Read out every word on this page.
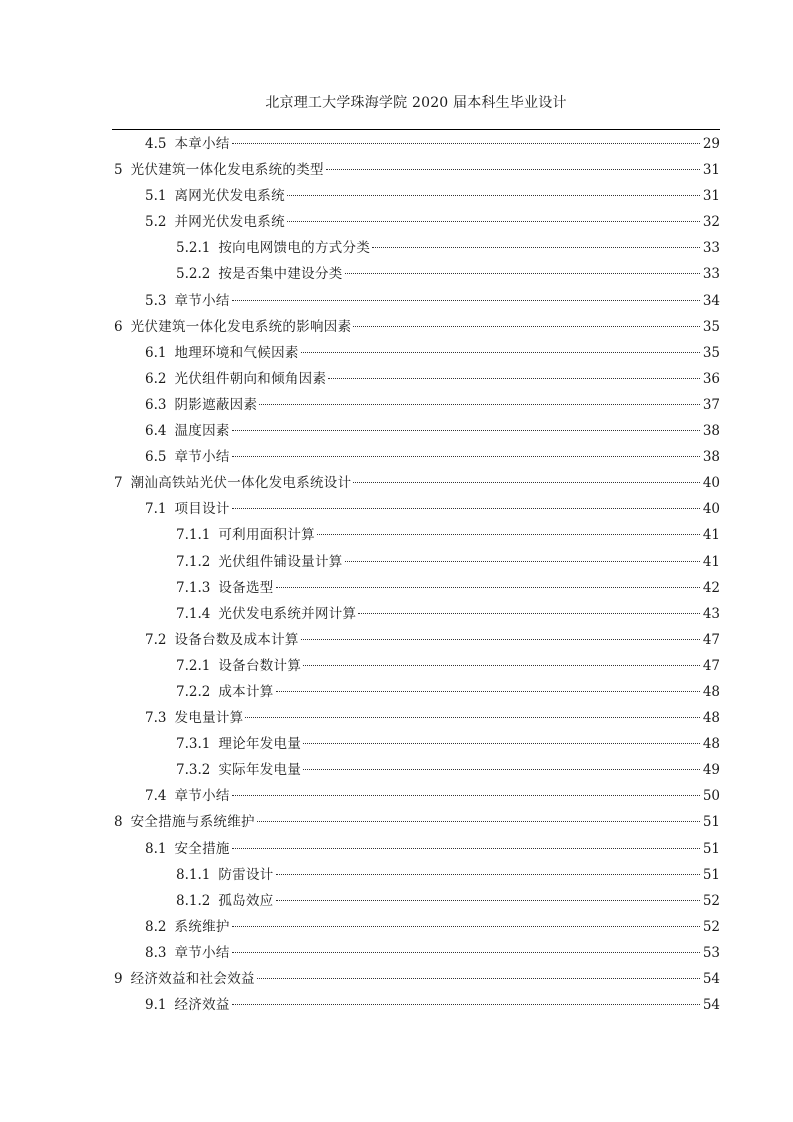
北京理工大学珠海学院 2020 届本科生毕业设计
4.5 本章小结	29
5 光伏建筑一体化发电系统的类型	31
5.1 离网光伏发电系统	31
5.2 并网光伏发电系统	32
5.2.1 按向电网馈电的方式分类	33
5.2.2 按是否集中建设分类	33
5.3 章节小结	34
6 光伏建筑一体化发电系统的影响因素	35
6.1 地理环境和气候因素	35
6.2 光伏组件朝向和倾角因素	36
6.3 阴影遮蔽因素	37
6.4 温度因素	38
6.5 章节小结	38
7 潮汕高铁站光伏一体化发电系统设计	40
7.1 项目设计	40
7.1.1 可利用面积计算	41
7.1.2 光伏组件铺设量计算	41
7.1.3 设备选型	42
7.1.4 光伏发电系统并网计算	43
7.2 设备台数及成本计算	47
7.2.1 设备台数计算	47
7.2.2 成本计算	48
7.3 发电量计算	48
7.3.1 理论年发电量	48
7.3.2 实际年发电量	49
7.4 章节小结	50
8 安全措施与系统维护	51
8.1 安全措施	51
8.1.1 防雷设计	51
8.1.2 孤岛效应	52
8.2 系统维护	52
8.3 章节小结	53
9 经济效益和社会效益	54
9.1 经济效益	54
